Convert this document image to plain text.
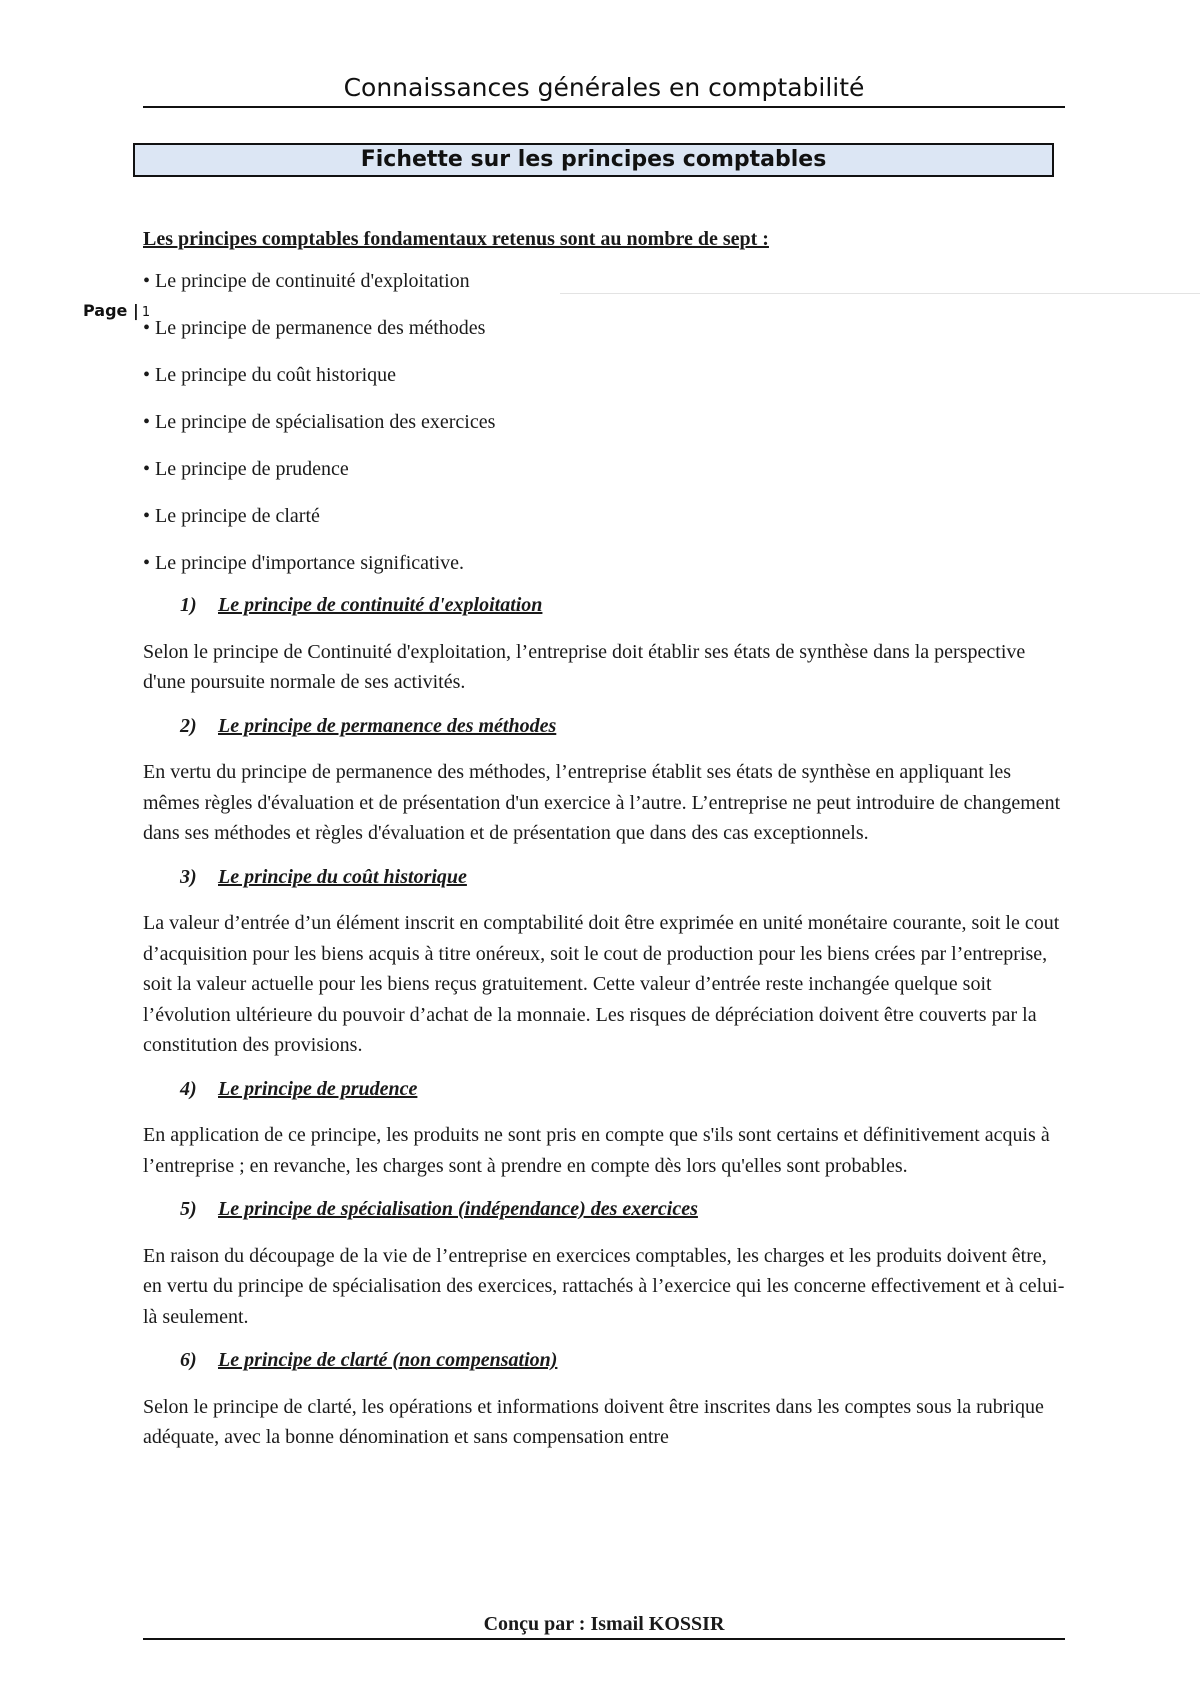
Connaissances générales en comptabilité
Fichette sur les principes comptables
Page | 1
Les principes comptables fondamentaux retenus sont au nombre de sept :
• Le principe de continuité d'exploitation
• Le principe de permanence des méthodes
• Le principe du coût historique
• Le principe de spécialisation des exercices
• Le principe de prudence
• Le principe de clarté
• Le principe d'importance significative.
1) Le principe de continuité d'exploitation
Selon le principe de Continuité d'exploitation, l’entreprise doit établir ses états de synthèse dans la perspective d'une poursuite normale de ses activités.
2) Le principe de permanence des méthodes
En vertu du principe de permanence des méthodes, l’entreprise établit ses états de synthèse en appliquant les mêmes règles d'évaluation et de présentation d'un exercice à l’autre. L’entreprise ne peut introduire de changement dans ses méthodes et règles d'évaluation et de présentation que dans des cas exceptionnels.
3) Le principe du coût historique
La valeur d’entrée d’un élément inscrit en comptabilité doit être exprimée en unité monétaire courante, soit le cout d’acquisition pour les biens acquis à titre onéreux, soit le cout de production pour les biens crées par l’entreprise, soit la valeur actuelle pour les biens reçus gratuitement. Cette valeur d’entrée reste inchangée quelque soit l’évolution ultérieure du pouvoir d’achat de la monnaie. Les risques de dépréciation doivent être couverts par la constitution des provisions.
4) Le principe de prudence
En application de ce principe, les produits ne sont pris en compte que s'ils sont certains et définitivement acquis à l’entreprise ; en revanche, les charges sont à prendre en compte dès lors qu'elles sont probables.
5) Le principe de spécialisation (indépendance) des exercices
En raison du découpage de la vie de l’entreprise en exercices comptables, les charges et les produits doivent être, en vertu du principe de spécialisation des exercices, rattachés à l’exercice qui les concerne effectivement et à celui-là seulement.
6) Le principe de clarté (non compensation)
Selon le principe de clarté, les opérations et informations doivent être inscrites dans les comptes sous la rubrique adéquate, avec la bonne dénomination et sans compensation entre
Conçu par : Ismail KOSSIR
